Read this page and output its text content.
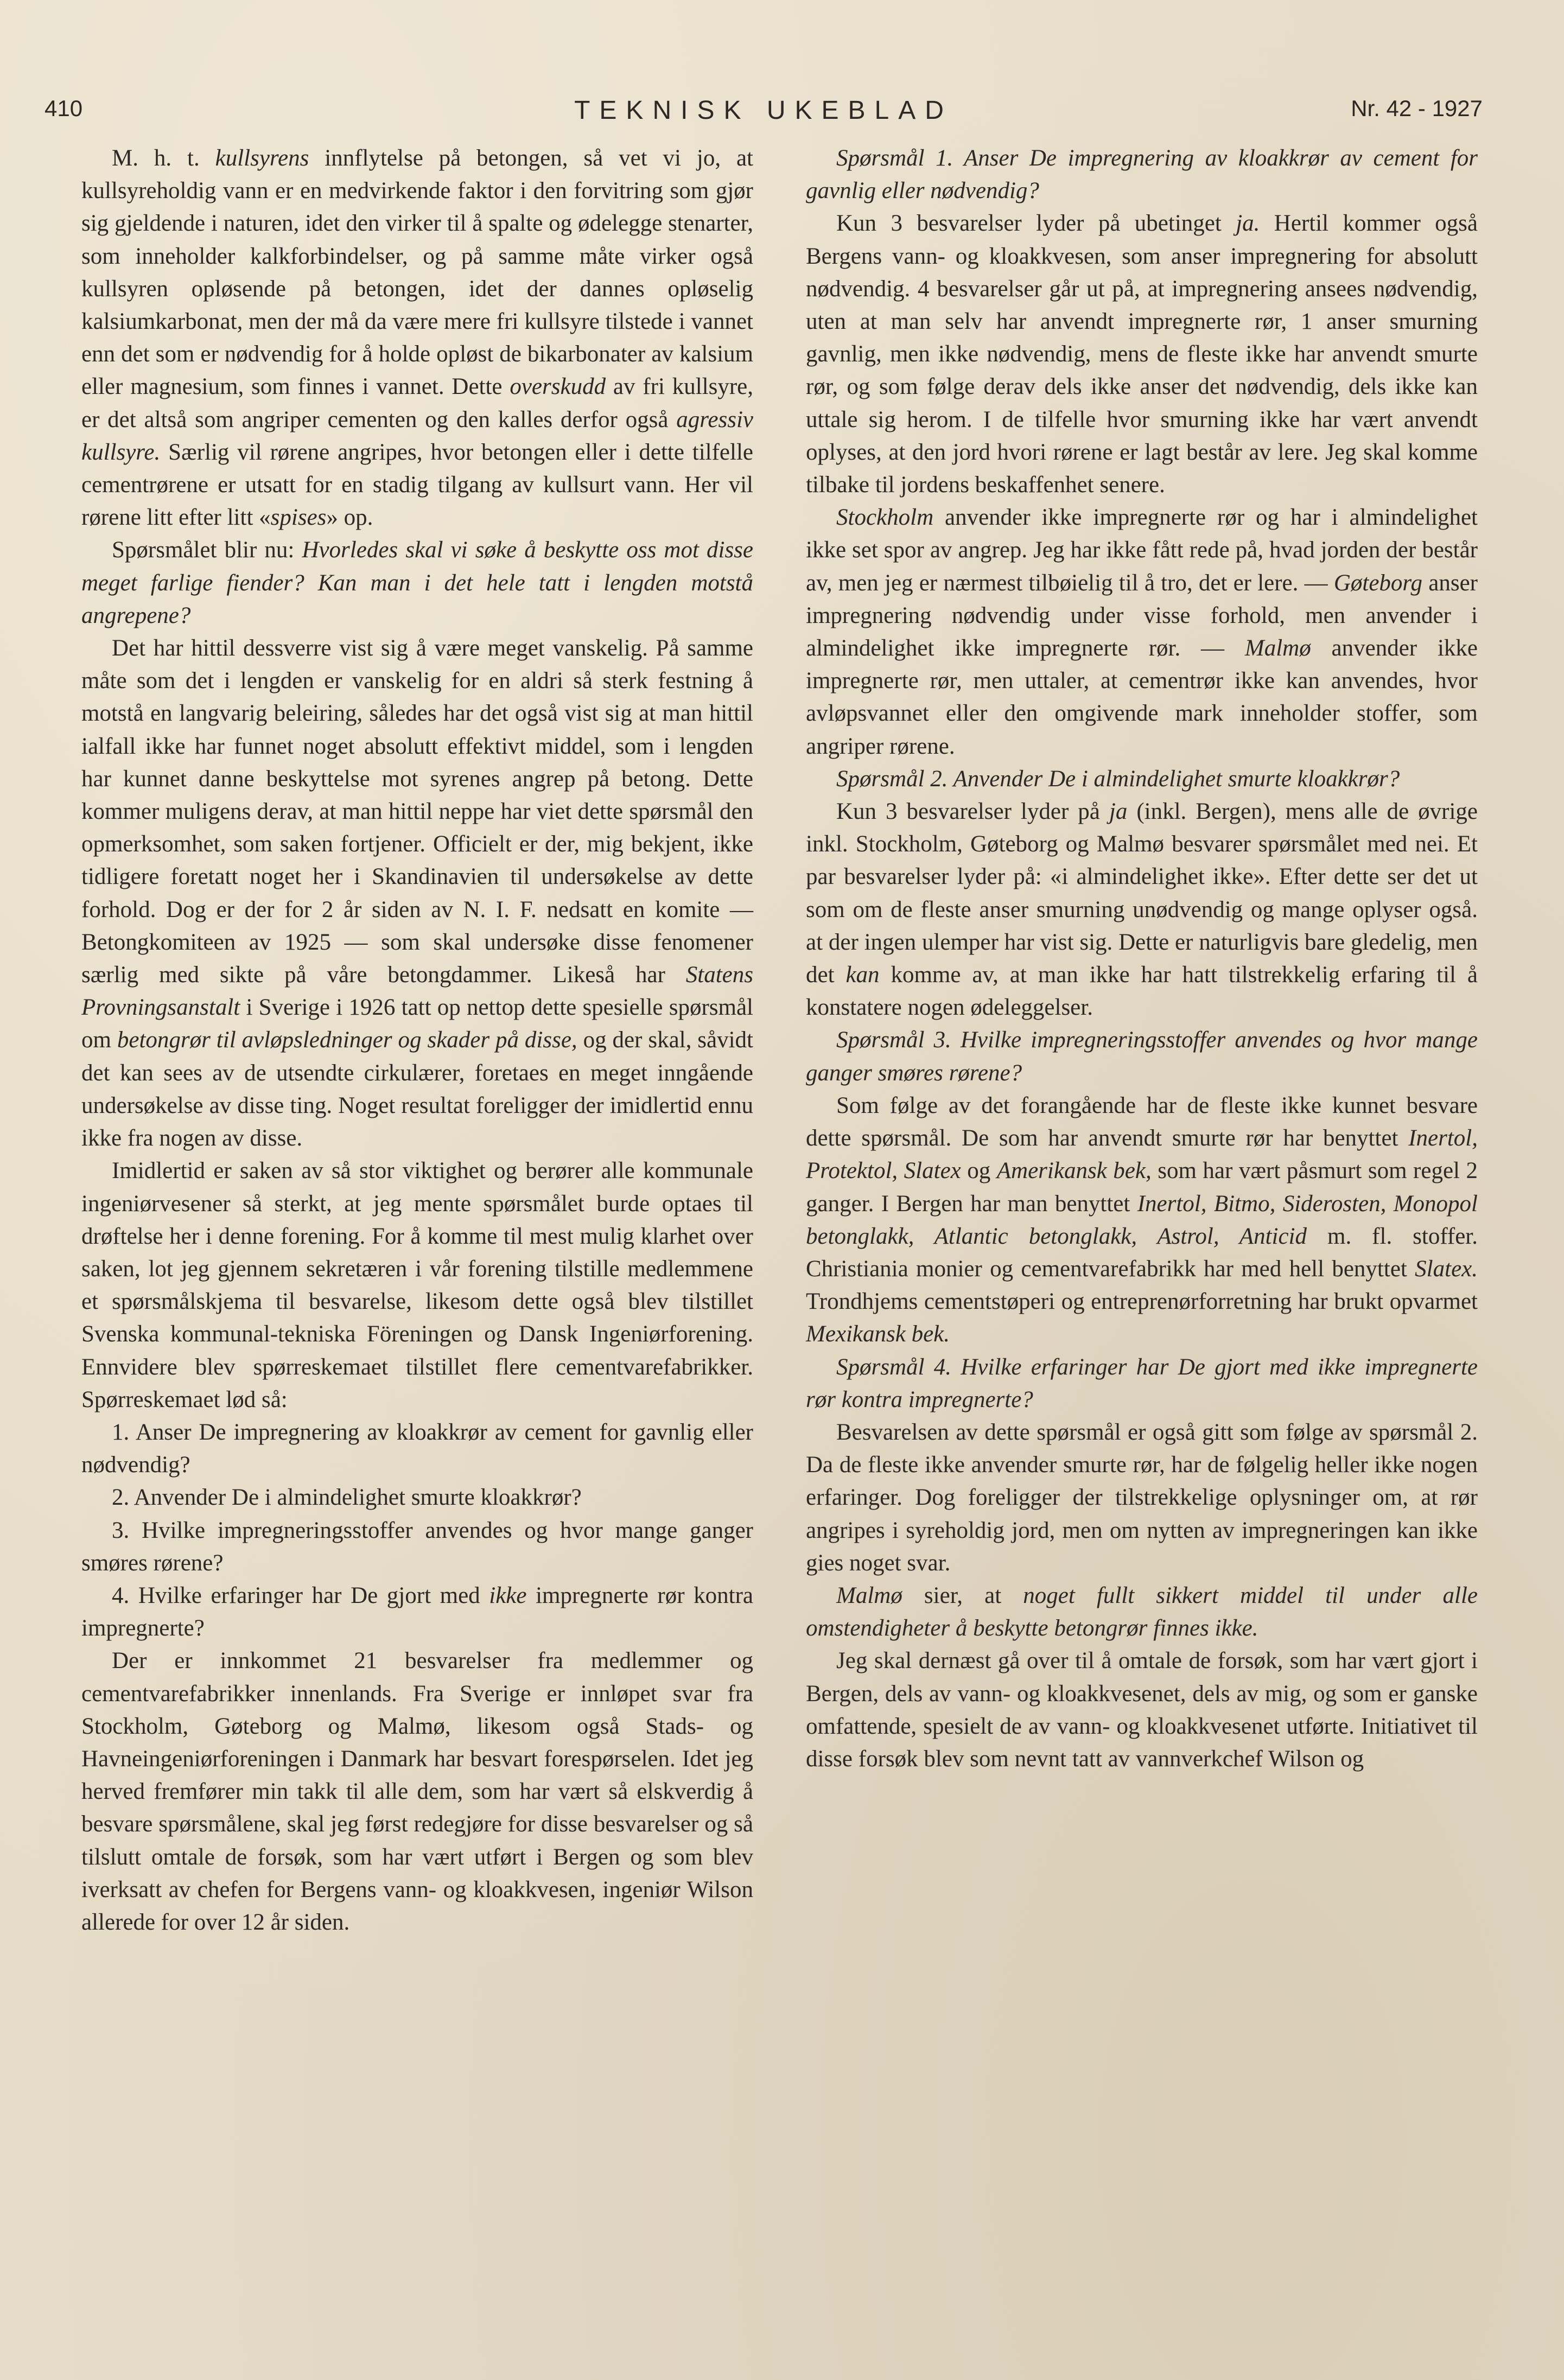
410	TEKNISK UKEBLAD	Nr. 42 - 1927

M. h. t. kullsyrens innflytelse på betongen, så vet vi jo, at kullsyreholdig vann er en medvirkende faktor i den forvitring som gjør sig gjeldende i naturen, idet den virker til å spalte og ødelegge stenarter, som inneholder kalkforbindelser, og på samme måte virker også kullsyren opløsende på betongen, idet der dannes opløselig kalsiumkarbonat, men der må da være mere fri kullsyre tilstede i vannet enn det som er nødvendig for å holde opløst de bikarbonater av kalsium eller magnesium, som finnes i vannet. Dette overskudd av fri kullsyre, er det altså som angriper cementen og den kalles derfor også agressiv kullsyre. Særlig vil rørene angripes, hvor betongen eller i dette tilfelle cementrørene er utsatt for en stadig tilgang av kullsurt vann. Her vil rørene litt efter litt «spises» op.

Spørsmålet blir nu: Hvorledes skal vi søke å beskytte oss mot disse meget farlige fiender? Kan man i det hele tatt i lengden motstå angrepene?

Det har hittil dessverre vist sig å være meget vanskelig. På samme måte som det i lengden er vanskelig for en aldri så sterk festning å motstå en langvarig beleiring, således har det også vist sig at man hittil ialfall ikke har funnet noget absolutt effektivt middel, som i lengden har kunnet danne beskyttelse mot syrenes angrep på betong. Dette kommer muligens derav, at man hittil neppe har viet dette spørsmål den opmerksomhet, som saken fortjener. Officielt er der, mig bekjent, ikke tidligere foretatt noget her i Skandinavien til undersøkelse av dette forhold. Dog er der for 2 år siden av N. I. F. nedsatt en komite — Betongkomiteen av 1925 — som skal undersøke disse fenomener særlig med sikte på våre betongdammer. Likeså har Statens Provningsanstalt i Sverige i 1926 tatt op nettop dette spesielle spørsmål om betongrør til avløpsledninger og skader på disse, og der skal, såvidt det kan sees av de utsendte cirkulærer, foretaes en meget inngående undersøkelse av disse ting. Noget resultat foreligger der imidlertid ennu ikke fra nogen av disse.

Imidlertid er saken av så stor viktighet og berører alle kommunale ingeniørvesener så sterkt, at jeg mente spørsmålet burde optaes til drøftelse her i denne forening. For å komme til mest mulig klarhet over saken, lot jeg gjennem sekretæren i vår forening tilstille medlemmene et spørsmålskjema til besvarelse, likesom dette også blev tilstillet Svenska kommunal-tekniska Föreningen og Dansk Ingeniørforening. Ennvidere blev spørreskemaet tilstillet flere cementvarefabrikker. Spørreskemaet lød så:

1. Anser De impregnering av kloakkrør av cement for gavnlig eller nødvendig?

2. Anvender De i almindelighet smurte kloakkrør?

3. Hvilke impregneringsstoffer anvendes og hvor mange ganger smøres rørene?

4. Hvilke erfaringer har De gjort med ikke impregnerte rør kontra impregnerte?

Der er innkommet 21 besvarelser fra medlemmer og cementvarefabrikker innenlands. Fra Sverige er innløpet svar fra Stockholm, Gøteborg og Malmø, likesom også Stads- og Havneingeniørforeningen i Danmark har besvart forespørselen. Idet jeg herved fremfører min takk til alle dem, som har vært så elskverdig å besvare spørsmålene, skal jeg først redegjøre for disse besvarelser og så tilslutt omtale de forsøk, som har vært utført i Bergen og som blev iverksatt av chefen for Bergens vann- og kloakkvesen, ingeniør Wilson allerede for over 12 år siden.

Spørsmål 1. Anser De impregnering av kloakkrør av cement for gavnlig eller nødvendig?

Kun 3 besvarelser lyder på ubetinget ja. Hertil kommer også Bergens vann- og kloakkvesen, som anser impregnering for absolutt nødvendig. 4 besvarelser går ut på, at impregnering ansees nødvendig, uten at man selv har anvendt impregnerte rør, 1 anser smurning gavnlig, men ikke nødvendig, mens de fleste ikke har anvendt smurte rør, og som følge derav dels ikke anser det nødvendig, dels ikke kan uttale sig herom. I de tilfelle hvor smurning ikke har vært anvendt oplyses, at den jord hvori rørene er lagt består av lere. Jeg skal komme tilbake til jordens beskaffenhet senere.

Stockholm anvender ikke impregnerte rør og har i almindelighet ikke set spor av angrep. Jeg har ikke fått rede på, hvad jorden der består av, men jeg er nærmest tilbøielig til å tro, det er lere. — Gøteborg anser impregnering nødvendig under visse forhold, men anvender i almindelighet ikke impregnerte rør. — Malmø anvender ikke impregnerte rør, men uttaler, at cementrør ikke kan anvendes, hvor avløpsvannet eller den omgivende mark inneholder stoffer, som angriper rørene.

Spørsmål 2. Anvender De i almindelighet smurte kloakkrør?

Kun 3 besvarelser lyder på ja (inkl. Bergen), mens alle de øvrige inkl. Stockholm, Gøteborg og Malmø besvarer spørsmålet med nei. Et par besvarelser lyder på: «i almindelighet ikke». Efter dette ser det ut som om de fleste anser smurning unødvendig og mange oplyser også. at der ingen ulemper har vist sig. Dette er naturligvis bare gledelig, men det kan komme av, at man ikke har hatt tilstrekkelig erfaring til å konstatere nogen ødeleggelser.

Spørsmål 3. Hvilke impregneringsstoffer anvendes og hvor mange ganger smøres rørene?

Som følge av det forangående har de fleste ikke kunnet besvare dette spørsmål. De som har anvendt smurte rør har benyttet Inertol, Protektol, Slatex og Amerikansk bek, som har vært påsmurt som regel 2 ganger. I Bergen har man benyttet Inertol, Bitmo, Siderosten, Monopol betonglakk, Atlantic betonglakk, Astrol, Anticid m. fl. stoffer. Christiania monier og cementvarefabrikk har med hell benyttet Slatex. Trondhjems cementstøperi og entreprenørforretning har brukt opvarmet Mexikansk bek.

Spørsmål 4. Hvilke erfaringer har De gjort med ikke impregnerte rør kontra impregnerte?

Besvarelsen av dette spørsmål er også gitt som følge av spørsmål 2. Da de fleste ikke anvender smurte rør, har de følgelig heller ikke nogen erfaringer. Dog foreligger der tilstrekkelige oplysninger om, at rør angripes i syreholdig jord, men om nytten av impregneringen kan ikke gies noget svar.

Malmø sier, at noget fullt sikkert middel til under alle omstendigheter å beskytte betongrør finnes ikke.

Jeg skal dernæst gå over til å omtale de forsøk, som har vært gjort i Bergen, dels av vann- og kloakkvesenet, dels av mig, og som er ganske omfattende, spesielt de av vann- og kloakkvesenet utførte. Initiativet til disse forsøk blev som nevnt tatt av vannverkchef Wilson og
